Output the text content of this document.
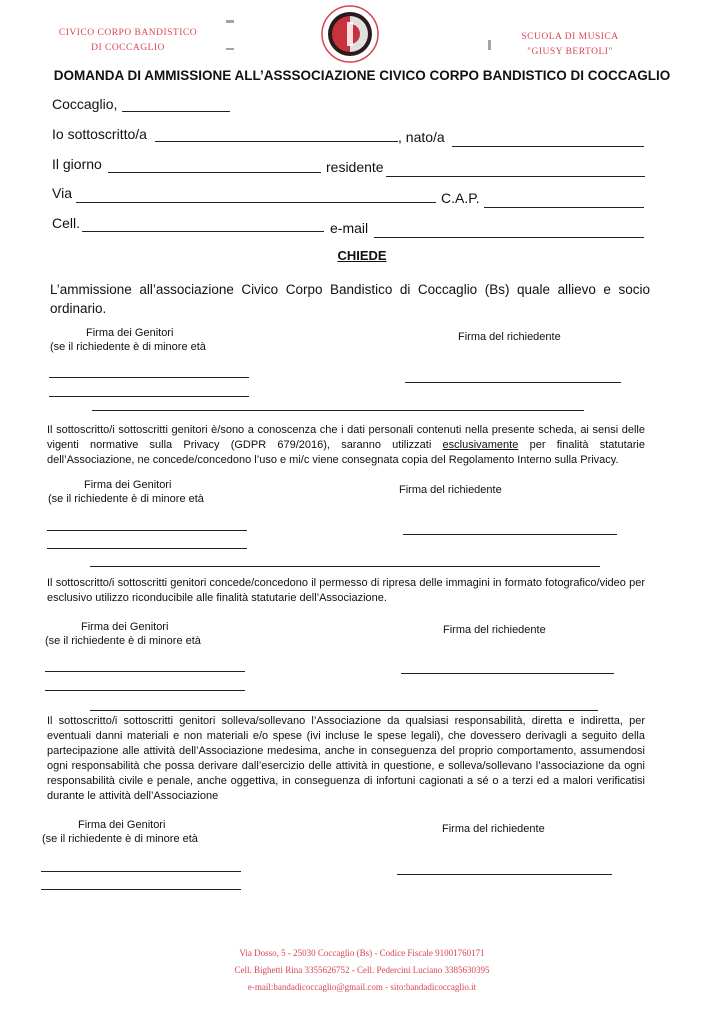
CIVICO CORPO BANDISTICO
DI COCCAGLIO
SCUOLA DI MUSICA
"GIUSY BERTOLI"
DOMANDA DI AMMISSIONE ALL’ASSSOCIAZIONE CIVICO CORPO BANDISTICO DI COCCAGLIO
Coccaglio,
Io sottoscritto/a	, nato/a
Il giorno	residente
Via	C.A.P.
Cell.	e-mail
CHIEDE
L’ammissione all’associazione Civico Corpo Bandistico di Coccaglio (Bs) quale allievo e socio ordinario.
Firma dei Genitori
(se il richiedente è di minore età
Firma del richiedente
Il sottoscritto/i sottoscritti genitori è/sono a conoscenza che i dati personali contenuti nella presente scheda, ai sensi delle vigenti normative sulla Privacy (GDPR 679/2016), saranno utilizzati esclusivamente per finalità statutarie dell’Associazione, ne concede/concedono l’uso e mi/c viene consegnata copia del Regolamento Interno sulla Privacy.
Firma dei Genitori
(se il richiedente è di minore età
Firma del richiedente
Il sottoscritto/i sottoscritti genitori concede/concedono il permesso di ripresa delle immagini in formato fotografico/video per esclusivo utilizzo riconducibile alle finalità statutarie dell’Associazione.
Firma dei Genitori
(se il richiedente è di minore età
Firma del richiedente
Il sottoscritto/i sottoscritti genitori solleva/sollevano l’Associazione da qualsiasi responsabilità, diretta e indiretta, per eventuali danni materiali e non materiali e/o spese (ivi incluse le spese legali), che dovessero derivagli a seguito della partecipazione alle attività dell’Associazione medesima, anche in conseguenza del proprio comportamento, assumendosi ogni responsabilità che possa derivare dall’esercizio delle attività in questione, e solleva/sollevano l’associazione da ogni responsabilità civile e penale, anche oggettiva, in conseguenza di infortuni cagionati a sé o a terzi ed a malori verificatisi durante le attività dell’Associazione
Firma dei Genitori
(se il richiedente è di minore età
Firma del richiedente
Via Dosso, 5 - 25030 Coccaglio (Bs) - Codice Fiscale 91001760171
Cell. Bighetti Rina 3355626752 - Cell. Pedercini Luciano 3385630395
e-mail:bandadicoccaglio@gmail.com - sito:bandadicoccaglio.it
